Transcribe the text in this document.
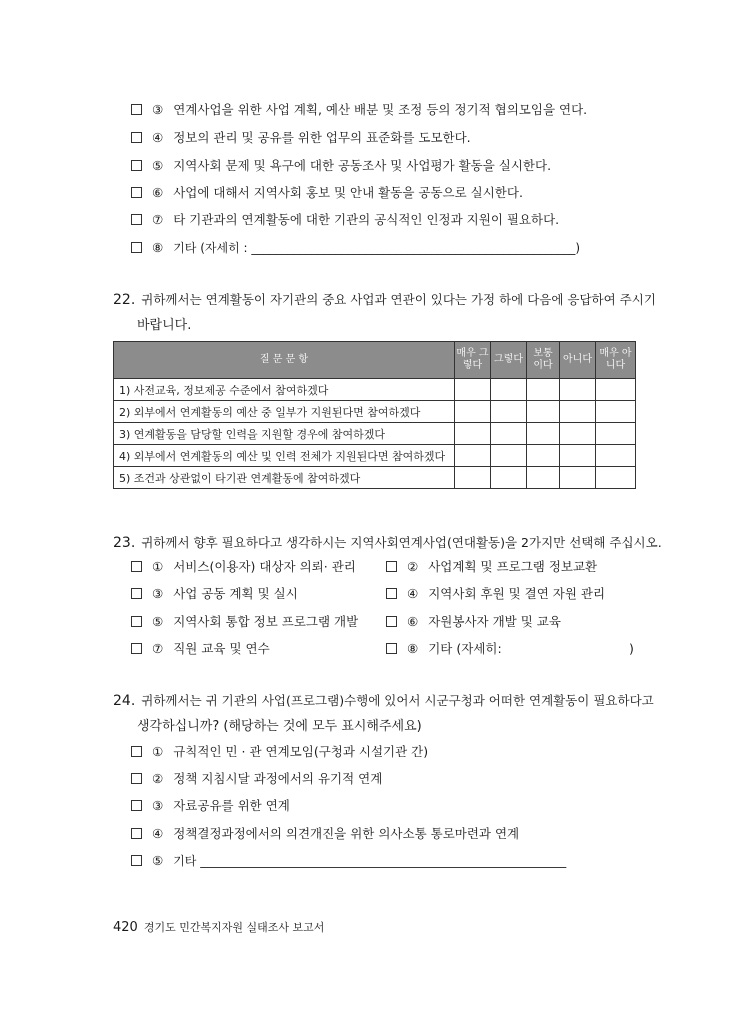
③ 연계사업을 위한 사업 계획, 예산 배분 및 조정 등의 정기적 협의모임을 연다.
④ 정보의 관리 및 공유를 위한 업무의 표준화를 도모한다.
⑤ 지역사회 문제 및 욕구에 대한 공동조사 및 사업평가 활동을 실시한다.
⑥ 사업에 대해서 지역사회 홍보 및 안내 활동을 공동으로 실시한다.
⑦ 타 기관과의 연계활동에 대한 기관의 공식적인 인정과 지원이 필요하다.
⑧ 기타 (자세히 : ______________________________________________________)
22. 귀하께서는 연계활동이 자기관의 중요 사업과 연관이 있다는 가정 하에 다음에 응답하여 주시기
바랍니다.
질 문 문 항	매우 그렇다	그렇다	보통 이다	아니다	매우 아니다
1) 사전교육, 정보제공 수준에서 참여하겠다					
2) 외부에서 연계활동의 예산 중 일부가 지원된다면 참여하겠다					
3) 연계활동을 담당할 인력을 지원할 경우에 참여하겠다					
4) 외부에서 연계활동의 예산 및 인력 전체가 지원된다면 참여하겠다					
5) 조건과 상관없이 타기관 연계활동에 참여하겠다					
23. 귀하께서 향후 필요하다고 생각하시는 지역사회연계사업(연대활동)을 2가지만 선택해 주십시오.
① 서비스(이용자) 대상자 의뢰· 관리	② 사업계획 및 프로그램 정보교환
③ 사업 공동 계획 및 실시	④ 지역사회 후원 및 결연 자원 관리
⑤ 지역사회 통합 정보 프로그램 개발	⑥ 자원봉사자 개발 및 교육
⑦ 직원 교육 및 연수	⑧ 기타 (자세히:	)
24. 귀하께서는 귀 기관의 사업(프로그램)수행에 있어서 시군구청과 어떠한 연계활동이 필요하다고
생각하십니까? (해당하는 것에 모두 표시해주세요)
① 규칙적인 민 · 관 연계모임(구청과 시설기관 간)
② 정책 지침시달 과정에서의 유기적 연계
③ 자료공유를 위한 연계
④ 정책결정과정에서의 의견개진을 위한 의사소통 통로마련과 연계
⑤ 기타 _____________________________________________________________
420 경기도 민간복지자원 실태조사 보고서
